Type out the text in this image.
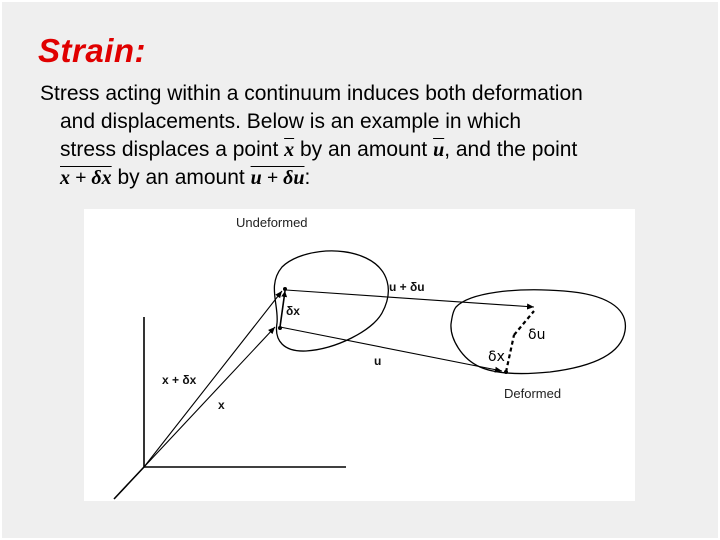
Strain:
Stress acting within a continuum induces both deformation
and displacements. Below is an example in which
stress displaces a point $\overline{x}$ by an amount $\overline{u}$, and the point
x + δx by an amount u + δu:
Undeformed
Deformed
u + δu
δx
u
x + δx
x
δu
δx
